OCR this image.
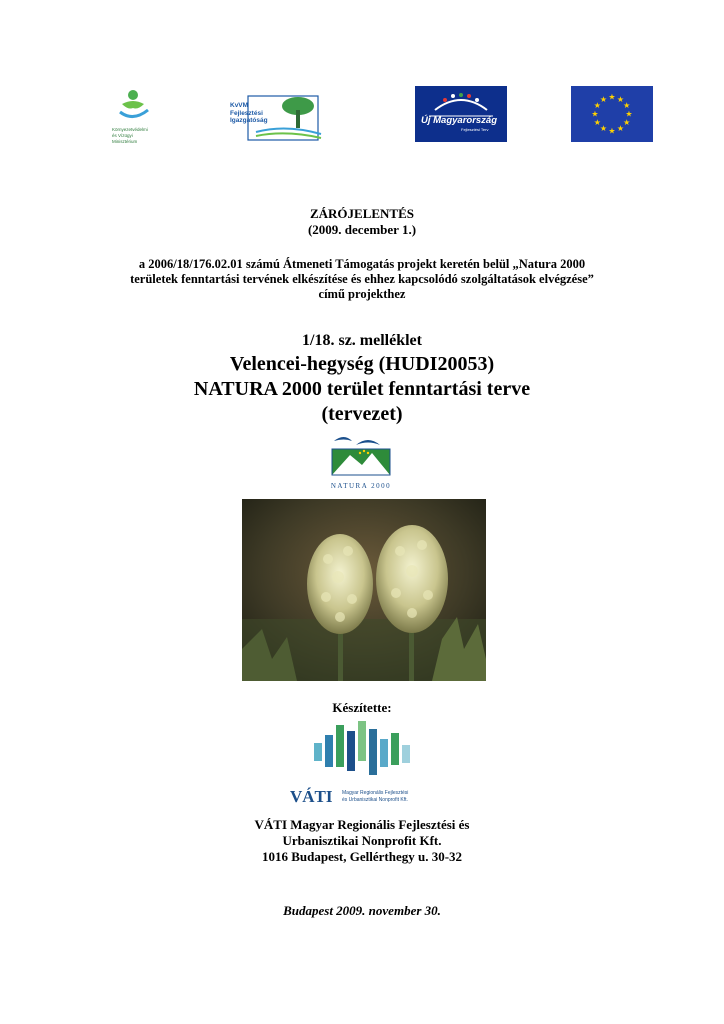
Környezetvédelmi
és Vízügyi
Minisztérium
KvVM
Fejlesztési
Igazgatóság	Új Magyarország
Fejlesztési Terv
★ ★
★
★
★
★
★
★
★
★
★
★
ZÁRÓJELENTÉS
(2009. december 1.)
a 2006/18/176.02.01 számú Átmeneti Támogatás projekt keretén belül „Natura 2000
területek fenntartási tervének elkészítése és ehhez kapcsolódó szolgáltatások elvégzése”
című projekthez
1/18. sz. melléklet
Velencei-hegység (HUDI20053)
NATURA 2000 terület fenntartási terve
(tervezet)
NATURA 2000
Készítette:
VÁTI Magyar Regionális Fejlesztési
és Urbanisztikai Nonprofit Kft.
VÁTI Magyar Regionális Fejlesztési és
Urbanisztikai Nonprofit Kft.
1016 Budapest, Gellérthegy u. 30-32
Budapest 2009. november 30.
